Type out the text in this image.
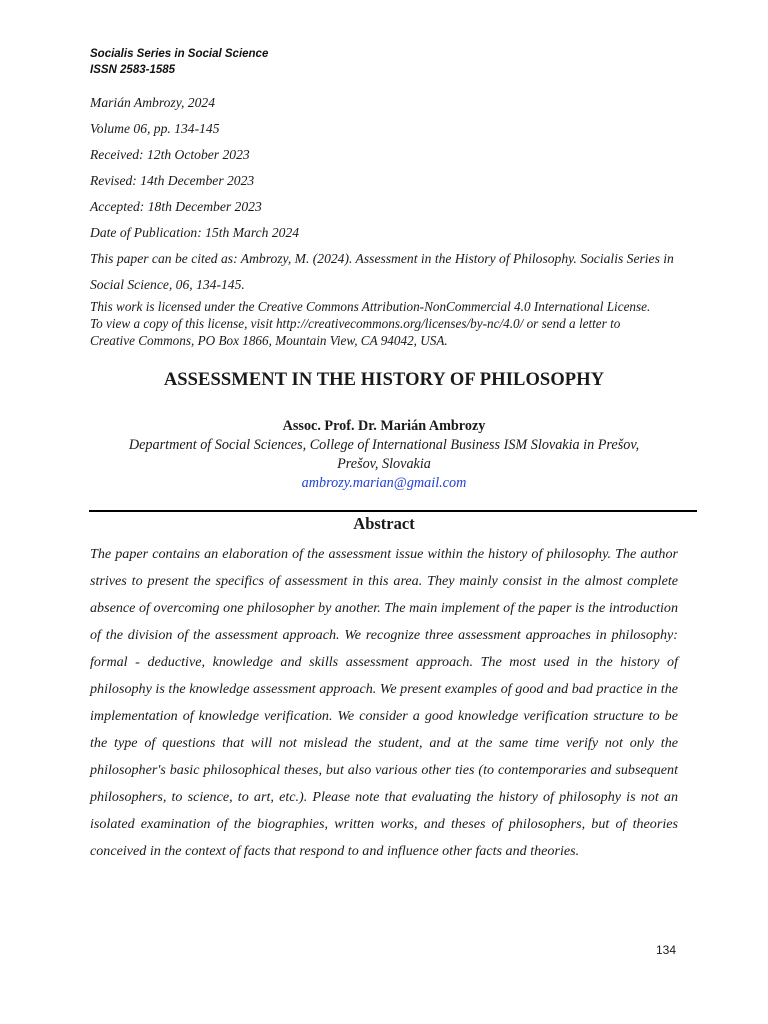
Socialis Series in Social Science
ISSN 2583-1585
Marián Ambrozy, 2024
Volume 06, pp. 134-145
Received: 12th October 2023
Revised: 14th December 2023
Accepted: 18th December 2023
Date of Publication: 15th March 2024
This paper can be cited as: Ambrozy, M. (2024). Assessment in the History of Philosophy. Socialis Series in Social Science, 06, 134-145.
This work is licensed under the Creative Commons Attribution-NonCommercial 4.0 International License.
To view a copy of this license, visit http://creativecommons.org/licenses/by-nc/4.0/ or send a letter to
Creative Commons, PO Box 1866, Mountain View, CA 94042, USA.
ASSESSMENT IN THE HISTORY OF PHILOSOPHY
Assoc. Prof. Dr. Marián Ambrozy
Department of Social Sciences, College of International Business ISM Slovakia in Prešov,
Prešov, Slovakia
ambrozy.marian@gmail.com
Abstract
The paper contains an elaboration of the assessment issue within the history of philosophy. The author strives to present the specifics of assessment in this area. They mainly consist in the almost complete absence of overcoming one philosopher by another. The main implement of the paper is the introduction of the division of the assessment approach. We recognize three assessment approaches in philosophy: formal - deductive, knowledge and skills assessment approach. The most used in the history of philosophy is the knowledge assessment approach. We present examples of good and bad practice in the implementation of knowledge verification. We consider a good knowledge verification structure to be the type of questions that will not mislead the student, and at the same time verify not only the philosopher's basic philosophical theses, but also various other ties (to contemporaries and subsequent philosophers, to science, to art, etc.). Please note that evaluating the history of philosophy is not an isolated examination of the biographies, written works, and theses of philosophers, but of theories conceived in the context of facts that respond to and influence other facts and theories.
134
